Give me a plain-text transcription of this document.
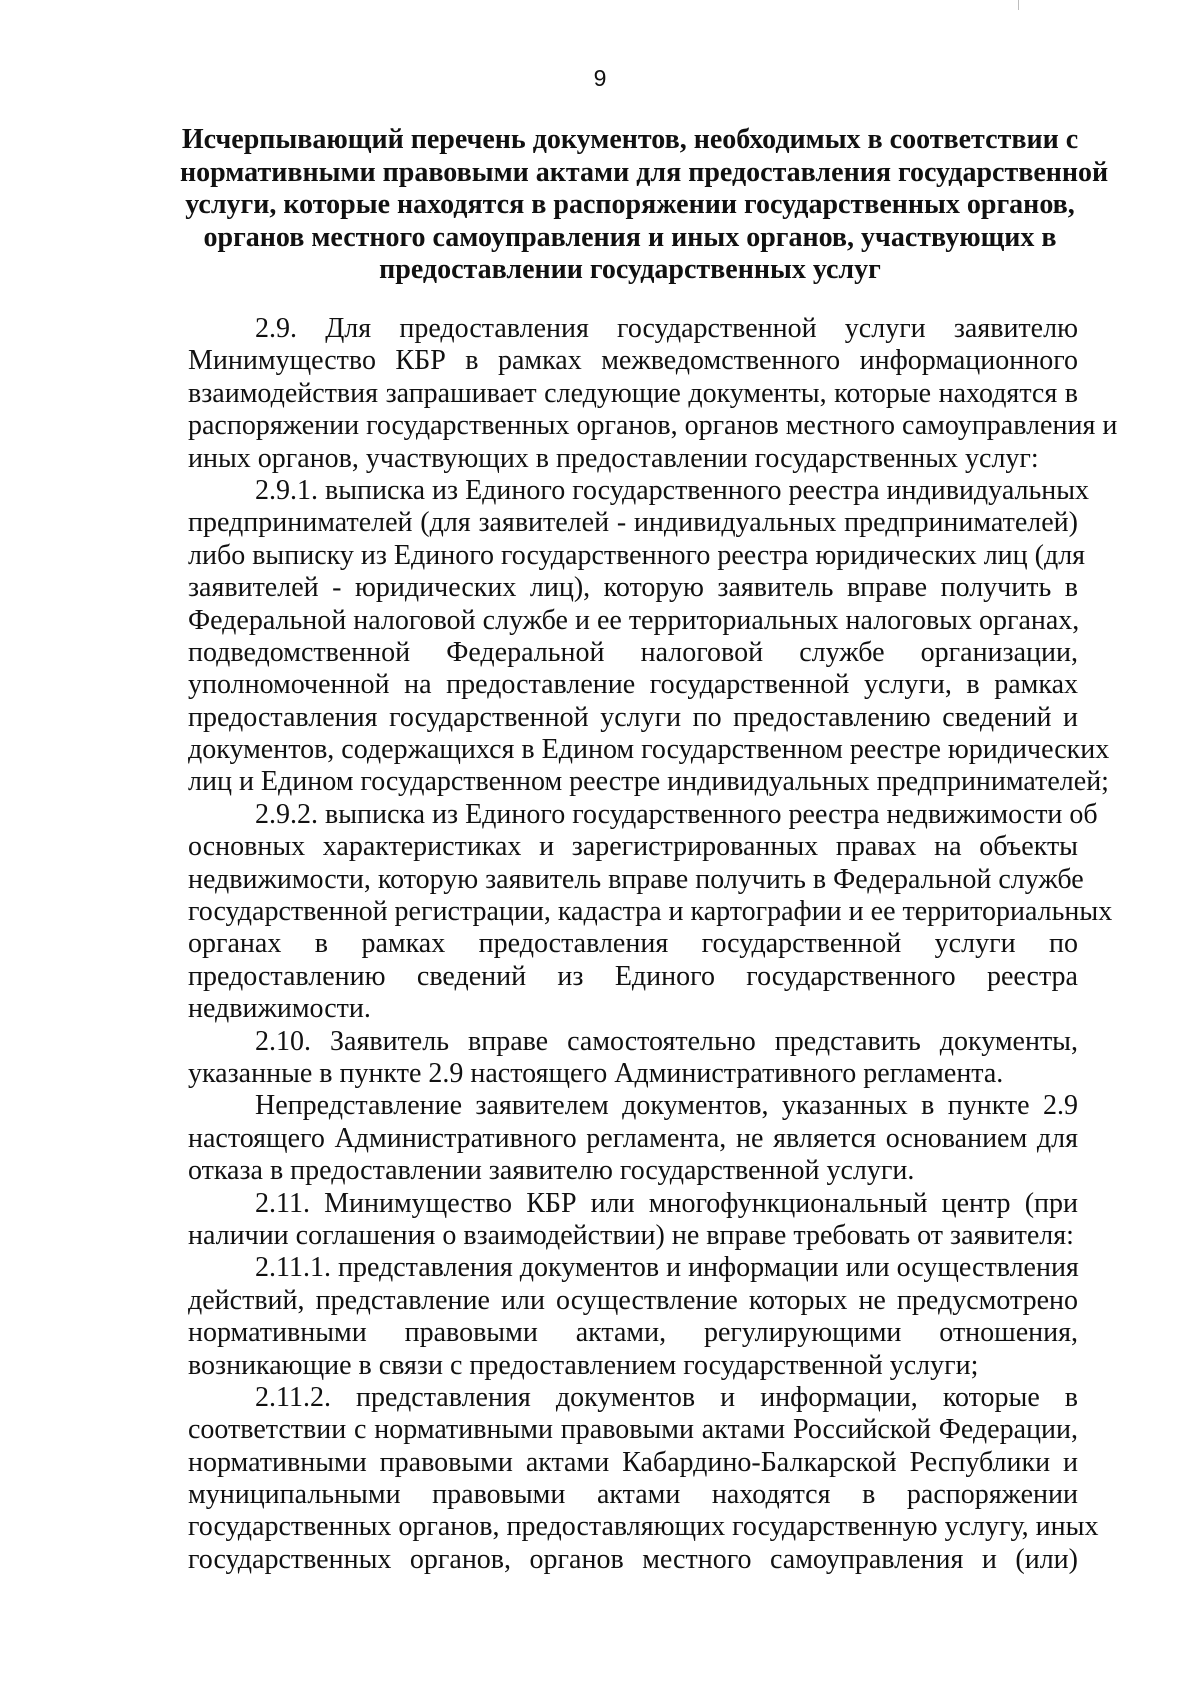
9
Исчерпывающий перечень документов, необходимых в соответствии с
нормативными правовыми актами для предоставления государственной
услуги, которые находятся в распоряжении государственных органов,
органов местного самоуправления и иных органов, участвующих в
предоставлении государственных услуг
2.9. Для предоставления государственной услуги заявителю
Минимущество КБР в рамках межведомственного информационного
взаимодействия запрашивает следующие документы, которые находятся в
распоряжении государственных органов, органов местного самоуправления и
иных органов, участвующих в предоставлении государственных услуг:
2.9.1. выписка из Единого государственного реестра индивидуальных
предпринимателей (для заявителей - индивидуальных предпринимателей)
либо выписку из Единого государственного реестра юридических лиц (для
заявителей - юридических лиц), которую заявитель вправе получить в
Федеральной налоговой службе и ее территориальных налоговых органах,
подведомственной Федеральной налоговой службе организации,
уполномоченной на предоставление государственной услуги, в рамках
предоставления государственной услуги по предоставлению сведений и
документов, содержащихся в Едином государственном реестре юридических
лиц и Едином государственном реестре индивидуальных предпринимателей;
2.9.2. выписка из Единого государственного реестра недвижимости об
основных характеристиках и зарегистрированных правах на объекты
недвижимости, которую заявитель вправе получить в Федеральной службе
государственной регистрации, кадастра и картографии и ее территориальных
органах в рамках предоставления государственной услуги по
предоставлению сведений из Единого государственного реестра
недвижимости.
2.10. Заявитель вправе самостоятельно представить документы,
указанные в пункте 2.9 настоящего Административного регламента.
Непредставление заявителем документов, указанных в пункте 2.9
настоящего Административного регламента, не является основанием для
отказа в предоставлении заявителю государственной услуги.
2.11. Минимущество КБР или многофункциональный центр (при
наличии соглашения о взаимодействии) не вправе требовать от заявителя:
2.11.1. представления документов и информации или осуществления
действий, представление или осуществление которых не предусмотрено
нормативными правовыми актами, регулирующими отношения,
возникающие в связи с предоставлением государственной услуги;
2.11.2. представления документов и информации, которые в
соответствии с нормативными правовыми актами Российской Федерации,
нормативными правовыми актами Кабардино-Балкарской Республики и
муниципальными правовыми актами находятся в распоряжении
государственных органов, предоставляющих государственную услугу, иных
государственных органов, органов местного самоуправления и (или)
